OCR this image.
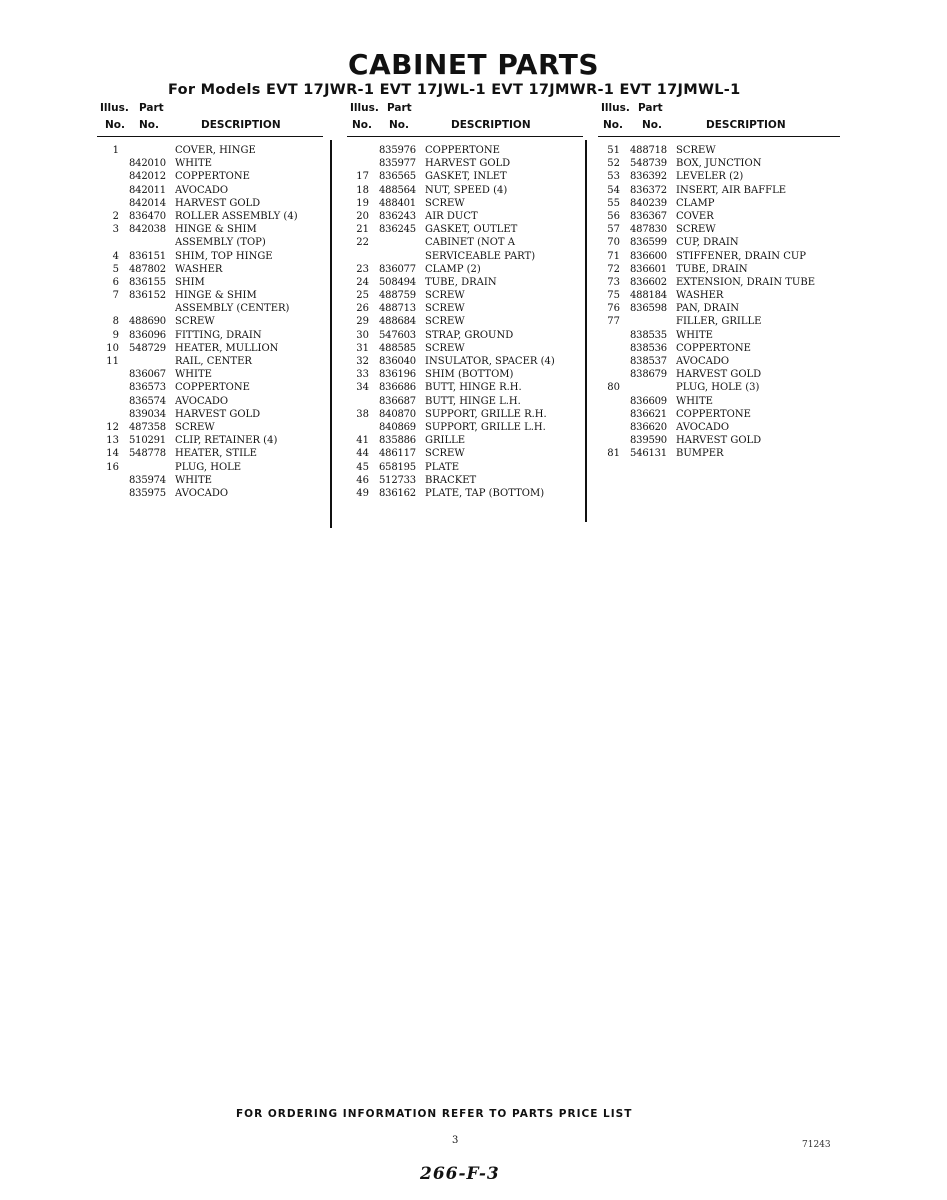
CABINET PARTS
For Models EVT 17JWR-1 EVT 17JWL-1 EVT 17JMWR-1 EVT 17JMWL-1
Illus. Part
No. No.	DESCRIPTION
1	COVER, HINGE
842010 WHITE
842012 COPPERTONE
842011 AVOCADO
842014 HARVEST GOLD
2	836470 ROLLER ASSEMBLY (4)
3	842038 HINGE & SHIM
ASSEMBLY (TOP)
4	836151 SHIM, TOP HINGE
5	487802 WASHER
6	836155 SHIM
7	836152 HINGE & SHIM
ASSEMBLY (CENTER)
8	488690 SCREW
9	836096 FITTING, DRAIN
10	548729 HEATER, MULLION
11	RAIL, CENTER
836067 WHITE
836573 COPPERTONE
836574 AVOCADO
839034 HARVEST GOLD
12	487358 SCREW
13	510291 CLIP, RETAINER (4)
14	548778 HEATER, STILE
16	PLUG, HOLE
835974 WHITE
835975 AVOCADO
Illus. Part
No. No.	DESCRIPTION
835976 COPPERTONE
835977 HARVEST GOLD
17	836565 GASKET, INLET
18	488564 NUT, SPEED (4)
19	488401 SCREW
20	836243 AIR DUCT
21	836245 GASKET, OUTLET
22	CABINET (NOT A
SERVICEABLE PART)
23	836077 CLAMP (2)
24	508494 TUBE, DRAIN
25	488759 SCREW
26	488713 SCREW
29	488684 SCREW
30	547603 STRAP, GROUND
31	488585 SCREW
32	836040 INSULATOR, SPACER (4)
33	836196 SHIM (BOTTOM)
34	836686 BUTT, HINGE R.H.
836687 BUTT, HINGE L.H.
38	840870 SUPPORT, GRILLE R.H.
840869 SUPPORT, GRILLE L.H.
41	835886 GRILLE
44	486117 SCREW
45	658195 PLATE
46	512733 BRACKET
49	836162 PLATE, TAP (BOTTOM)
Illus. Part
No. No.	DESCRIPTION
51	488718 SCREW
52	548739 BOX, JUNCTION
53	836392 LEVELER (2)
54	836372 INSERT, AIR BAFFLE
55	840239 CLAMP
56	836367 COVER
57	487830 SCREW
70	836599 CUP, DRAIN
71	836600 STIFFENER, DRAIN CUP
72	836601 TUBE, DRAIN
73	836602 EXTENSION, DRAIN TUBE
75	488184 WASHER
76	836598 PAN, DRAIN
77	FILLER, GRILLE
838535 WHITE
838536 COPPERTONE
838537 AVOCADO
838679 HARVEST GOLD
80	PLUG, HOLE (3)
836609 WHITE
836621 COPPERTONE
836620 AVOCADO
839590 HARVEST GOLD
81	546131 BUMPER
FOR ORDERING INFORMATION REFER TO PARTS PRICE LIST
3	71243
266-F-3
